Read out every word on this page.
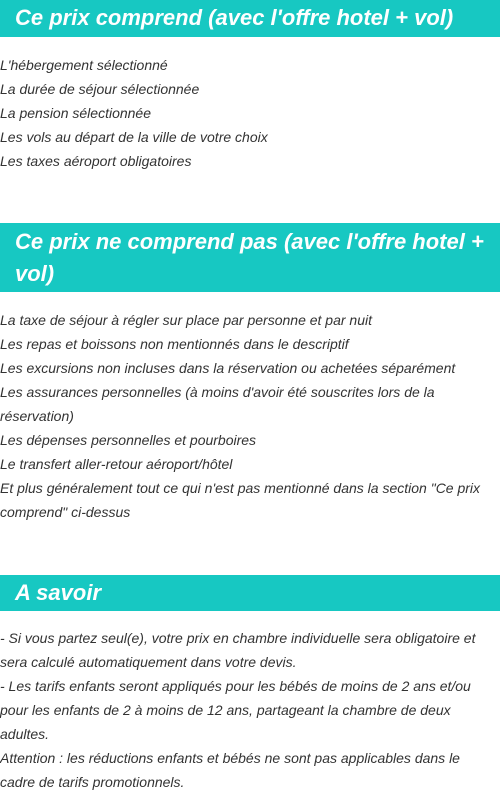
Ce prix comprend (avec l'offre hotel + vol)
L'hébergement sélectionné
La durée de séjour sélectionnée
La pension sélectionnée
Les vols au départ de la ville de votre choix
Les taxes aéroport obligatoires
Ce prix ne comprend pas (avec l'offre hotel + vol)
La taxe de séjour à régler sur place par personne et par nuit
Les repas et boissons non mentionnés dans le descriptif
Les excursions non incluses dans la réservation ou achetées séparément
Les assurances personnelles (à moins d'avoir été souscrites lors de la réservation)
Les dépenses personnelles et pourboires
Le transfert aller-retour aéroport/hôtel
Et plus généralement tout ce qui n'est pas mentionné dans la section "Ce prix comprend" ci-dessus
A savoir
- Si vous partez seul(e), votre prix en chambre individuelle sera obligatoire et sera calculé automatiquement dans votre devis.
- Les tarifs enfants seront appliqués pour les bébés de moins de 2 ans et/ou pour les enfants de 2 à moins de 12 ans, partageant la chambre de deux adultes.
Attention : les réductions enfants et bébés ne sont pas applicables dans le cadre de tarifs promotionnels.
